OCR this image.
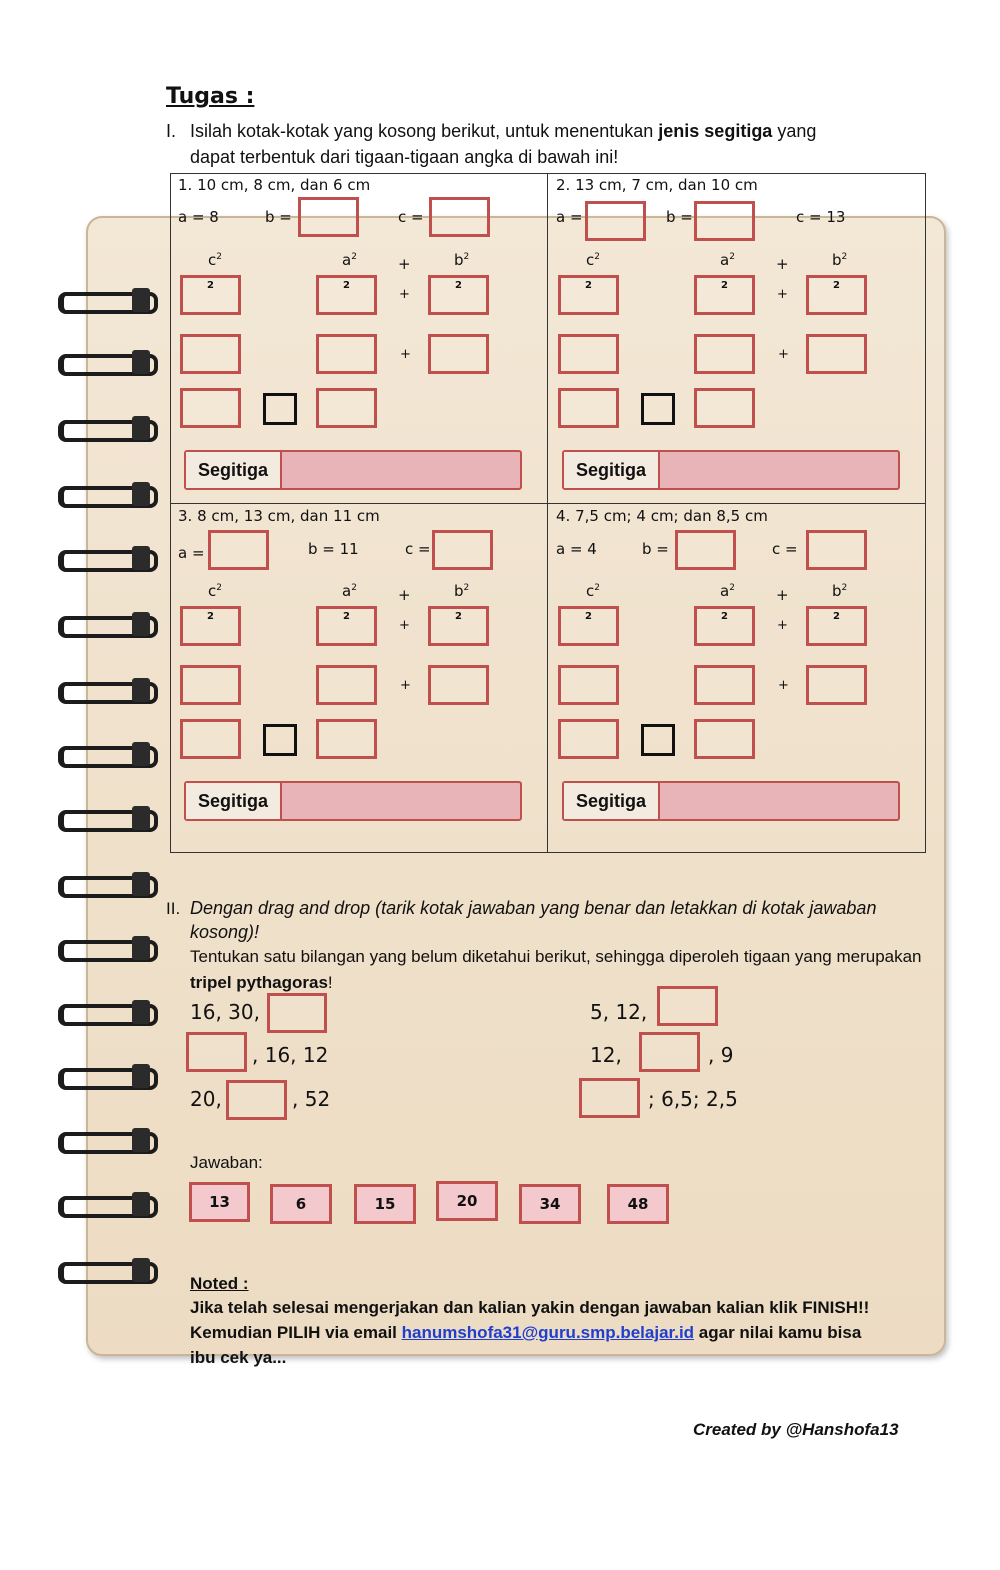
Tugas :
I. Isilah kotak-kotak yang kosong berikut, untuk menentukan jenis segitiga yang
dapat terbentuk dari tigaan-tigaan angka di bawah ini!
1. 10 cm, 8 cm, dan 6 cm
a = 8	b =	c =
$c^2$	$a^2$	$b^2$
+
2	2	2
+
+
Segitiga
2. 13 cm, 7 cm, dan 10 cm
a =	b =	c = 13
$c^2$	$a^2$	$b^2$
+
2	2	2
+
+
Segitiga
3. 8 cm, 13 cm, dan 11 cm
a =	b = 11	c =
$c^2$	$a^2$	$b^2$
+
2	2	2
+
+
Segitiga
4. 7,5 cm; 4 cm; dan 8,5 cm
a = 4	b =	c =
$c^2$	$a^2$	$b^2$
+
2	2	2
+
+
Segitiga
II. Dengan drag and drop (tarik kotak jawaban yang benar dan letakkan di kotak jawaban
kosong)!
Tentukan satu bilangan yang belum diketahui berikut, sehingga diperoleh tigaan yang merupakan
tripel pythagoras!
16, 30,
, 16, 12
20,	, 52
5, 12,
12,	, 9
; 6,5; 2,5
Jawaban:
13	6	15	20	34	48
Noted :
Jika telah selesai mengerjakan dan kalian yakin dengan jawaban kalian klik FINISH!!
Kemudian PILIH via email hanumshofa31@guru.smp.belajar.id agar nilai kamu bisa
ibu cek ya...
Created by @Hanshofa13
